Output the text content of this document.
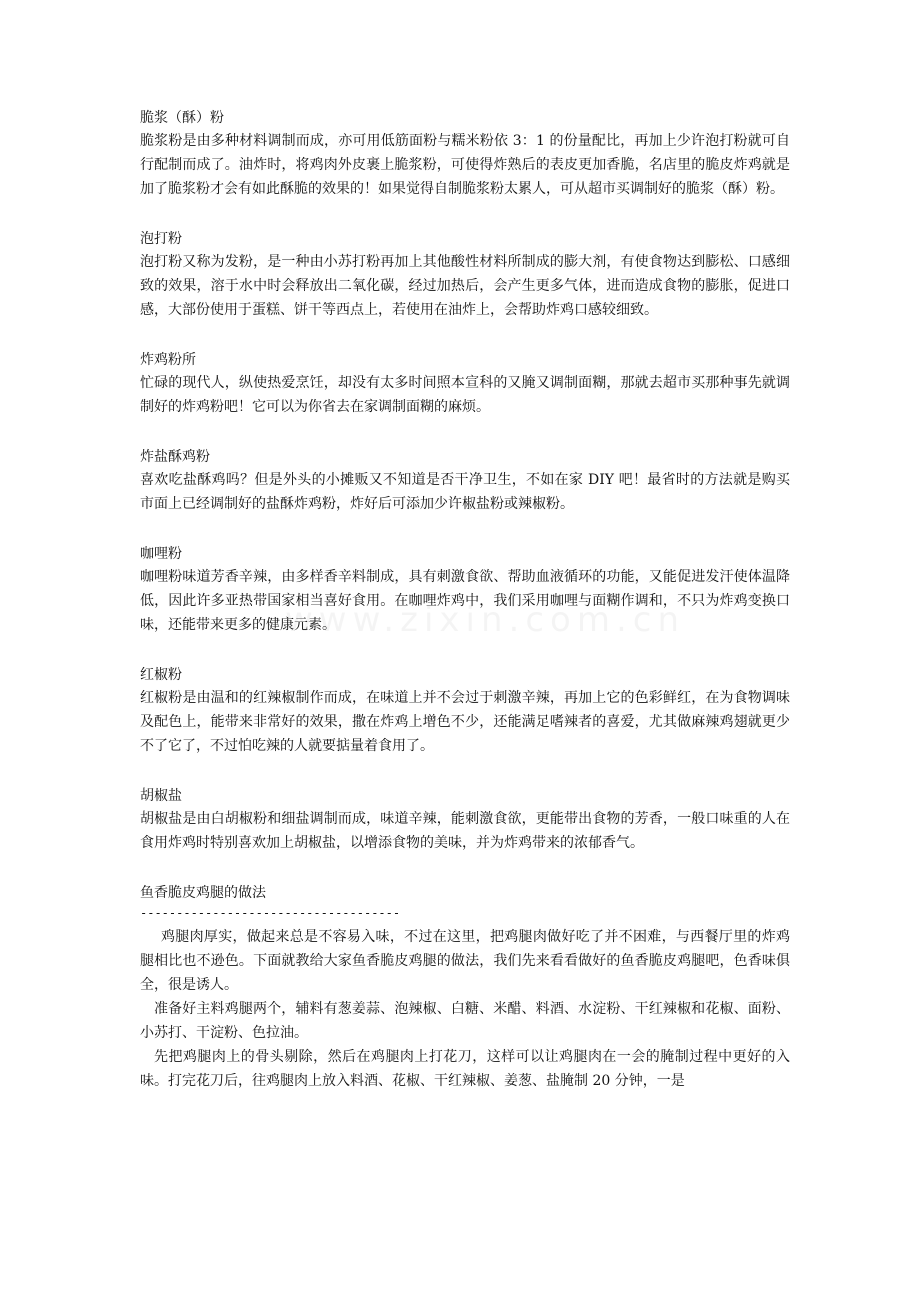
脆浆（酥）粉

脆浆粉是由多种材料调制而成，亦可用低筋面粉与糯米粉依 3：1 的份量配比，再加上少许泡打粉就可自行配制而成了。油炸时，将鸡肉外皮裹上脆浆粉，可使得炸熟后的表皮更加香脆，名店里的脆皮炸鸡就是加了脆浆粉才会有如此酥脆的效果的！如果觉得自制脆浆粉太累人，可从超市买调制好的脆浆（酥）粉。

泡打粉

泡打粉又称为发粉，是一种由小苏打粉再加上其他酸性材料所制成的膨大剂，有使食物达到膨松、口感细致的效果，溶于水中时会释放出二氧化碳，经过加热后，会产生更多气体，进而造成食物的膨胀，促进口感，大部份使用于蛋糕、饼干等西点上，若使用在油炸上，会帮助炸鸡口感较细致。

炸鸡粉所

忙碌的现代人，纵使热爱烹饪，却没有太多时间照本宣科的又腌又调制面糊，那就去超市买那种事先就调制好的炸鸡粉吧！它可以为你省去在家调制面糊的麻烦。

炸盐酥鸡粉

喜欢吃盐酥鸡吗？但是外头的小摊贩又不知道是否干净卫生，不如在家 DIY 吧！最省时的方法就是购买市面上已经调制好的盐酥炸鸡粉，炸好后可添加少许椒盐粉或辣椒粉。

咖哩粉

咖哩粉味道芳香辛辣，由多样香辛料制成，具有刺激食欲、帮助血液循环的功能，又能促进发汗使体温降低，因此许多亚热带国家相当喜好食用。在咖哩炸鸡中，我们采用咖哩与面糊作调和，不只为炸鸡变换口味，还能带来更多的健康元素。

红椒粉

红椒粉是由温和的红辣椒制作而成，在味道上并不会过于刺激辛辣，再加上它的色彩鲜红，在为食物调味及配色上，能带来非常好的效果，撒在炸鸡上增色不少，还能满足嗜辣者的喜爱，尤其做麻辣鸡翅就更少不了它了，不过怕吃辣的人就要掂量着食用了。

胡椒盐

胡椒盐是由白胡椒粉和细盐调制而成，味道辛辣，能刺激食欲，更能带出食物的芳香，一般口味重的人在食用炸鸡时特别喜欢加上胡椒盐，以增添食物的美味，并为炸鸡带来的浓郁香气。

鱼香脆皮鸡腿的做法
------------------------------------

鸡腿肉厚实，做起来总是不容易入味，不过在这里，把鸡腿肉做好吃了并不困难，与西餐厅里的炸鸡腿相比也不逊色。下面就教给大家鱼香脆皮鸡腿的做法，我们先来看看做好的鱼香脆皮鸡腿吧，色香味俱全，很是诱人。

准备好主料鸡腿两个，辅料有葱姜蒜、泡辣椒、白糖、米醋、料酒、水淀粉、干红辣椒和花椒、面粉、小苏打、干淀粉、色拉油。

先把鸡腿肉上的骨头剔除，然后在鸡腿肉上打花刀，这样可以让鸡腿肉在一会的腌制过程中更好的入味。打完花刀后，往鸡腿肉上放入料酒、花椒、干红辣椒、姜葱、盐腌制 20 分钟，一是
